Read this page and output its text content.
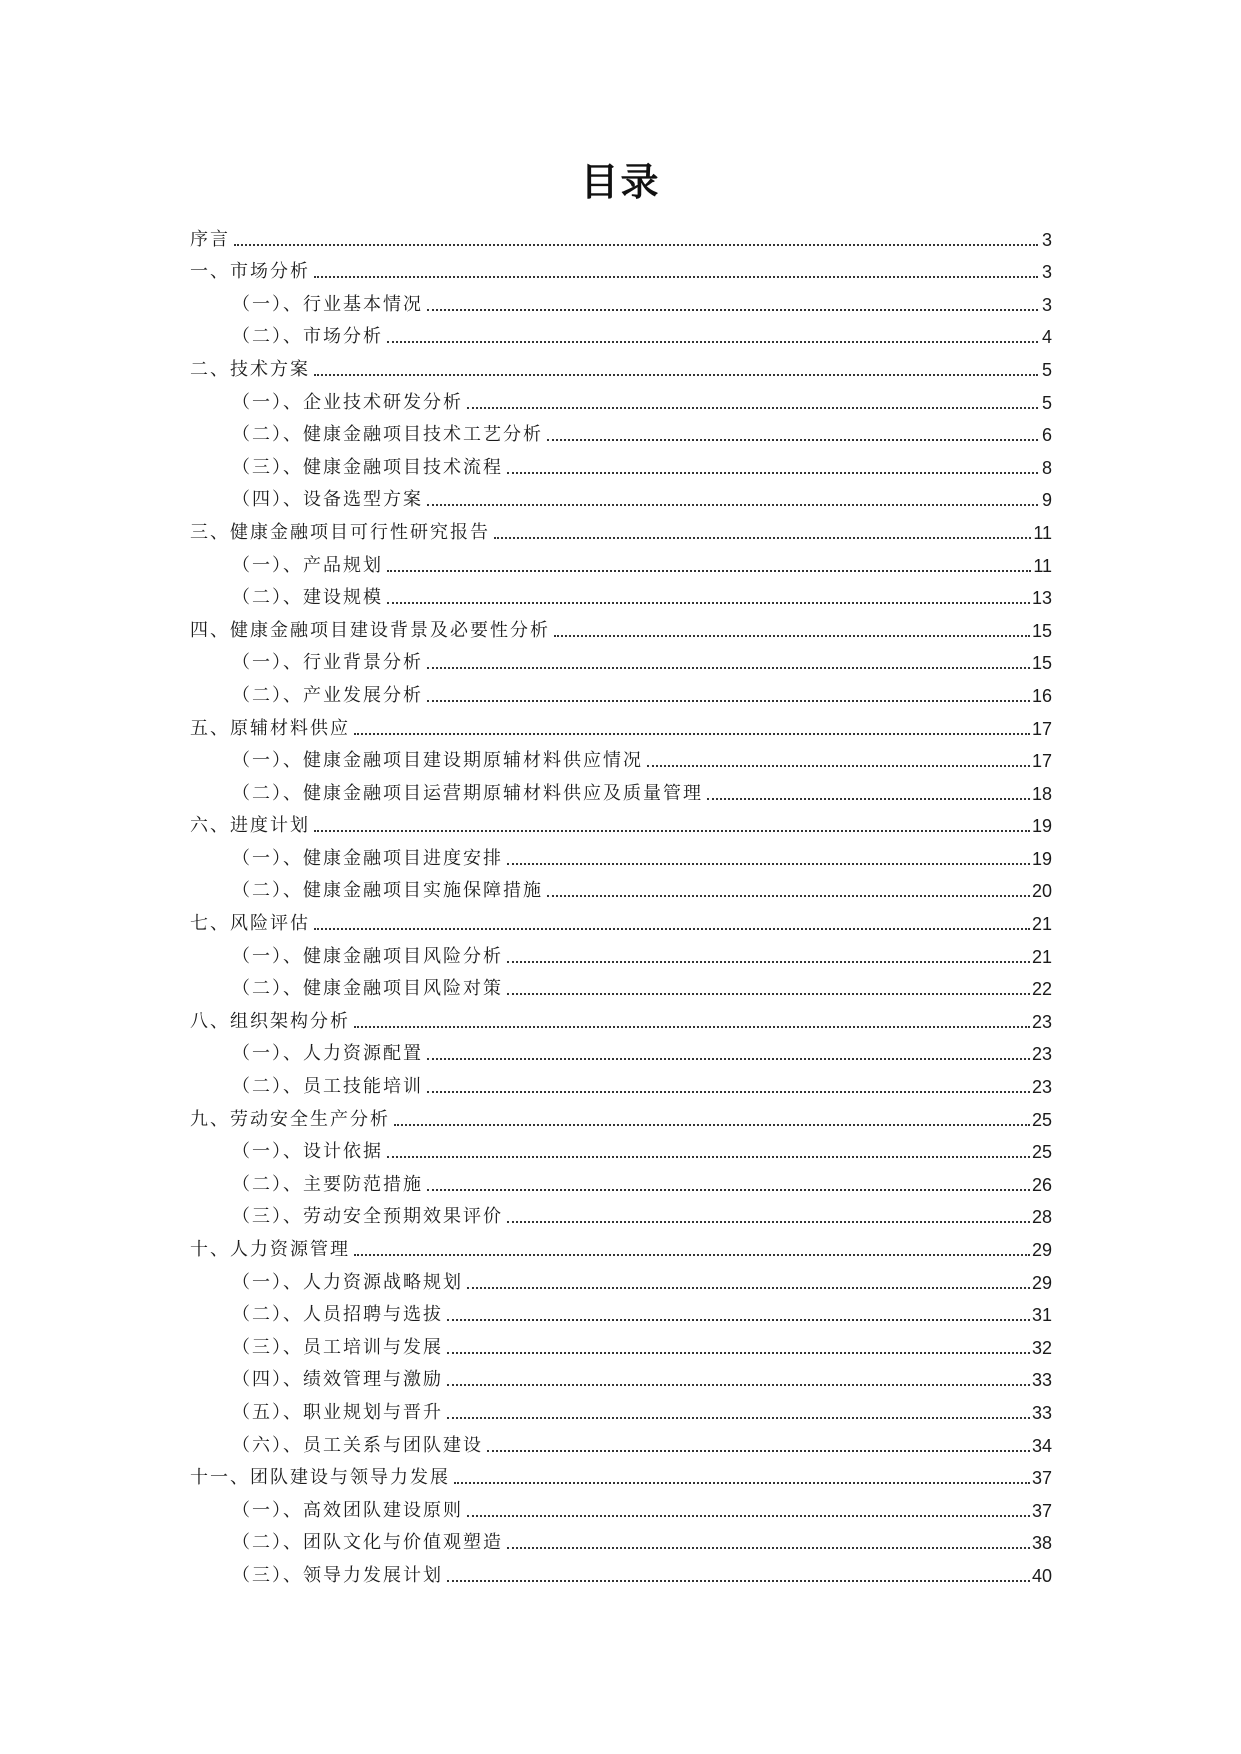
目录
序言	3
一、市场分析	3
（一）、行业基本情况	3
（二）、市场分析	4
二、技术方案	5
（一）、企业技术研发分析	5
（二）、健康金融项目技术工艺分析	6
（三）、健康金融项目技术流程	8
（四）、设备选型方案	9
三、健康金融项目可行性研究报告	11
（一）、产品规划	11
（二）、建设规模	13
四、健康金融项目建设背景及必要性分析	15
（一）、行业背景分析	15
（二）、产业发展分析	16
五、原辅材料供应	17
（一）、健康金融项目建设期原辅材料供应情况	17
（二）、健康金融项目运营期原辅材料供应及质量管理	18
六、进度计划	19
（一）、健康金融项目进度安排	19
（二）、健康金融项目实施保障措施	20
七、风险评估	21
（一）、健康金融项目风险分析	21
（二）、健康金融项目风险对策	22
八、组织架构分析	23
（一）、人力资源配置	23
（二）、员工技能培训	23
九、劳动安全生产分析	25
（一）、设计依据	25
（二）、主要防范措施	26
（三）、劳动安全预期效果评价	28
十、人力资源管理	29
（一）、人力资源战略规划	29
（二）、人员招聘与选拔	31
（三）、员工培训与发展	32
（四）、绩效管理与激励	33
（五）、职业规划与晋升	33
（六）、员工关系与团队建设	34
十一、团队建设与领导力发展	37
（一）、高效团队建设原则	37
（二）、团队文化与价值观塑造	38
（三）、领导力发展计划	40
